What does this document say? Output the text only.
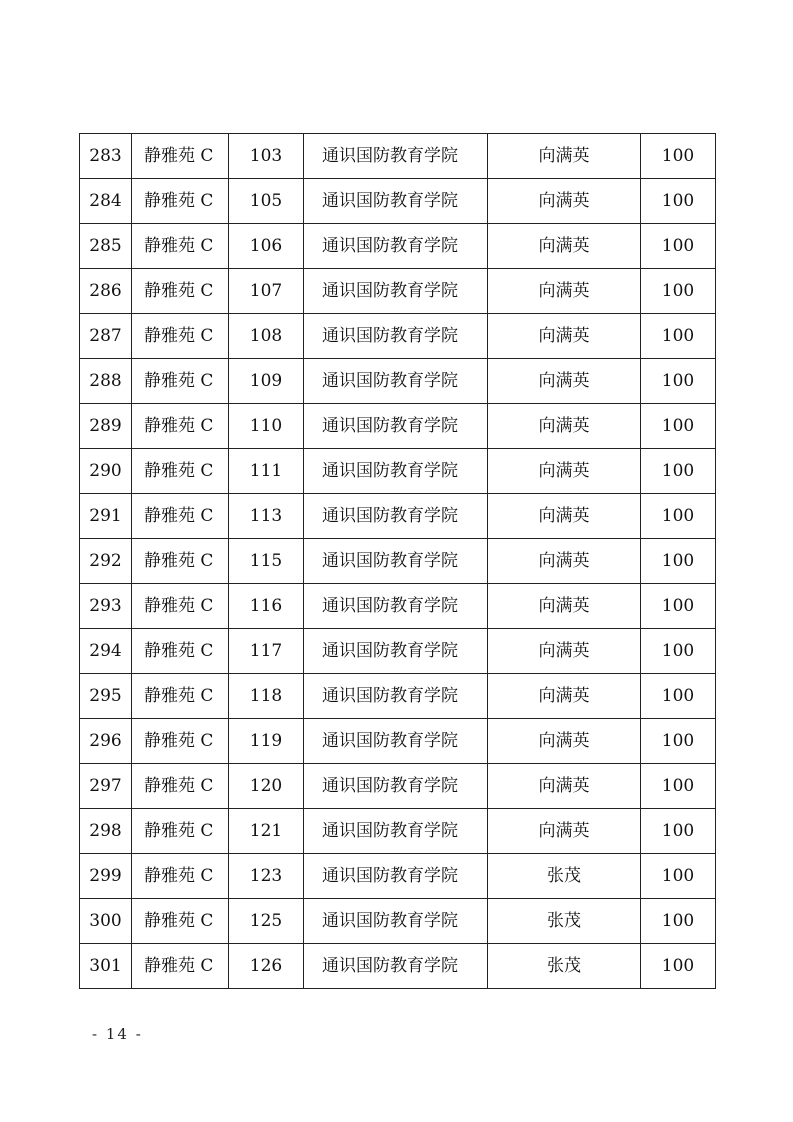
283	静雅苑 C	103	通识国防教育学院	向满英	100
284	静雅苑 C	105	通识国防教育学院	向满英	100
285	静雅苑 C	106	通识国防教育学院	向满英	100
286	静雅苑 C	107	通识国防教育学院	向满英	100
287	静雅苑 C	108	通识国防教育学院	向满英	100
288	静雅苑 C	109	通识国防教育学院	向满英	100
289	静雅苑 C	110	通识国防教育学院	向满英	100
290	静雅苑 C	111	通识国防教育学院	向满英	100
291	静雅苑 C	113	通识国防教育学院	向满英	100
292	静雅苑 C	115	通识国防教育学院	向满英	100
293	静雅苑 C	116	通识国防教育学院	向满英	100
294	静雅苑 C	117	通识国防教育学院	向满英	100
295	静雅苑 C	118	通识国防教育学院	向满英	100
296	静雅苑 C	119	通识国防教育学院	向满英	100
297	静雅苑 C	120	通识国防教育学院	向满英	100
298	静雅苑 C	121	通识国防教育学院	向满英	100
299	静雅苑 C	123	通识国防教育学院	张茂	100
300	静雅苑 C	125	通识国防教育学院	张茂	100
301	静雅苑 C	126	通识国防教育学院	张茂	100
- 14 -
